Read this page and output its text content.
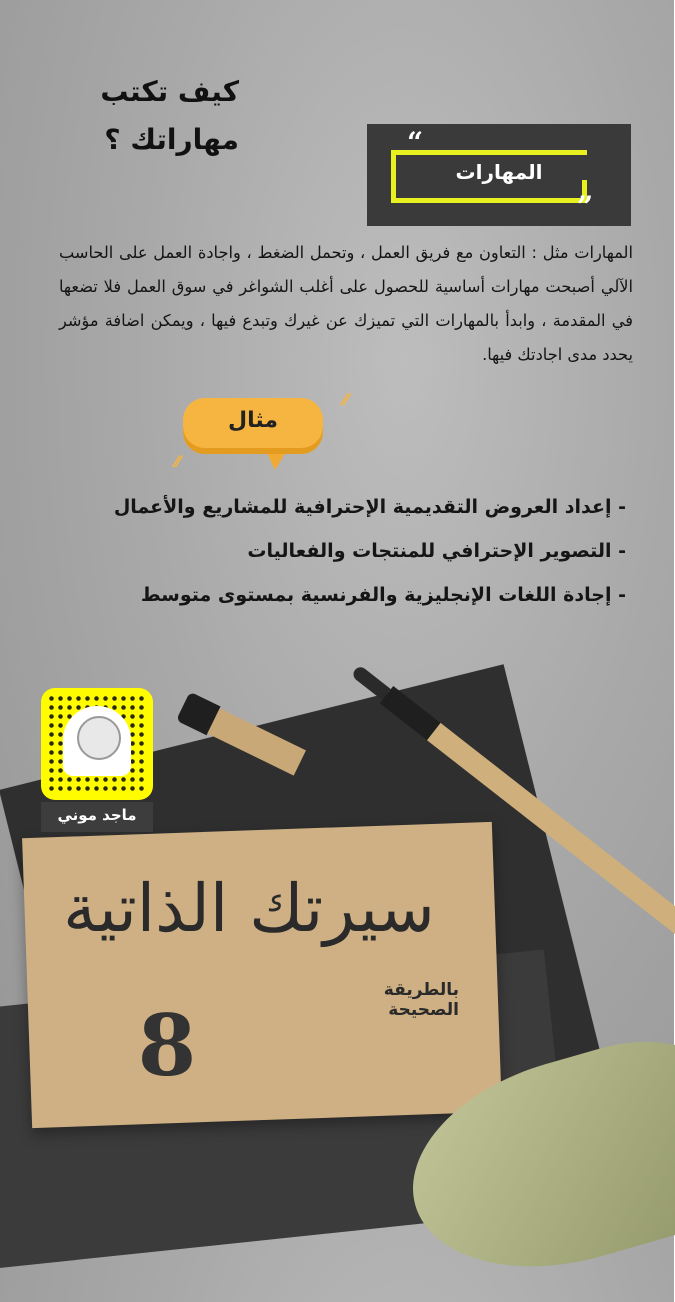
كيف تكتب
مهاراتك ؟	“
”
المهارات
المهارات مثل : التعاون مع فريق العمل ، وتحمل الضغط ، واجادة العمل على الحاسب الآلي أصبحت مهارات أساسية للحصول على أغلب الشواغر في سوق العمل فلا تضعها في المقدمة ، وابدأ بالمهارات التي تميزك عن غيرك وتبدع فيها ، ويمكن اضافة مؤشر يحدد مدى اجادتك فيها.
مثال
⁄⁄
⁄⁄
- إعداد العروض التقديمية الإحترافية للمشاريع والأعمال
- التصوير الإحترافي للمنتجات والفعاليات
- إجادة اللغات الإنجليزية والفرنسية بمستوى متوسط
سيرتك الذاتية
بالطريقة الصحيحة
8
ماجد موني
